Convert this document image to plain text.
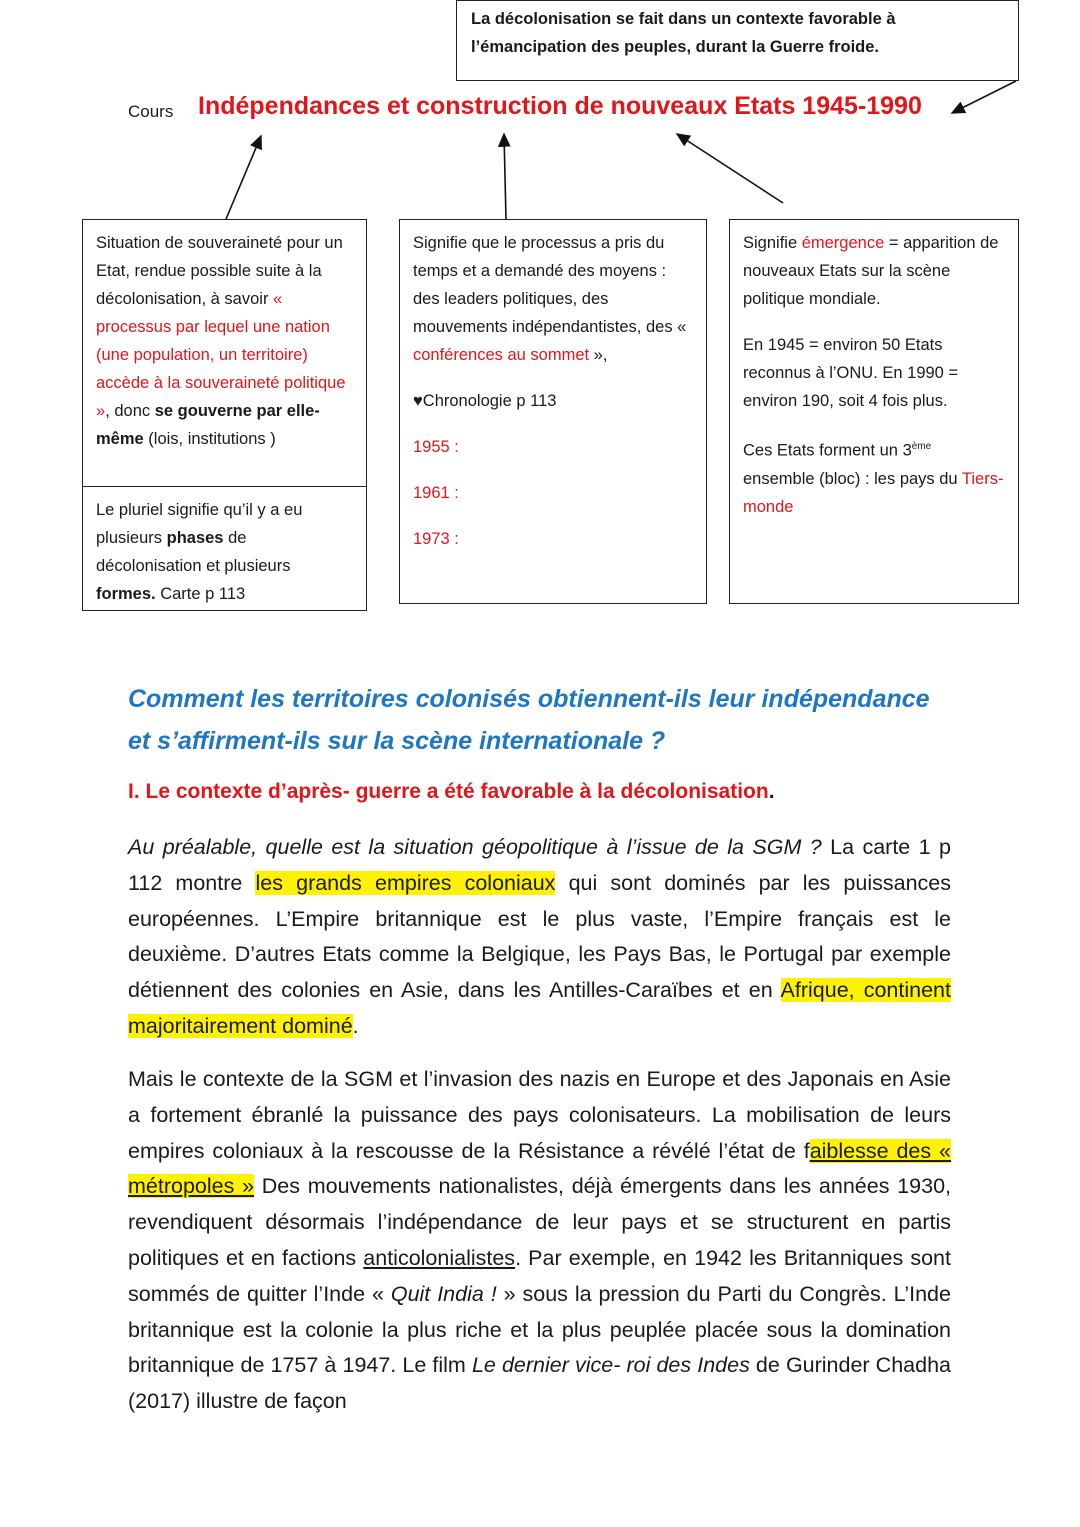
La décolonisation se fait dans un contexte favorable à
l’émancipation des peuples, durant la Guerre froide.
Cours Indépendances et construction de nouveaux Etats 1945-1990
Situation de souveraineté pour un Etat, rendue possible suite à la décolonisation, à savoir « processus par lequel une nation (une population, un territoire) accède à la souveraineté politique », donc se gouverne par elle-même (lois, institutions )
Le pluriel signifie qu’il y a eu plusieurs phases de décolonisation et plusieurs formes. Carte p 113
Signifie que le processus a pris du temps et a demandé des moyens : des leaders politiques, des mouvements indépendantistes, des « conférences au sommet »,
♥Chronologie p 113
1955 :
1961 :
1973 :
Signifie émergence = apparition de nouveaux Etats sur la scène politique mondiale.
En 1945 = environ 50 Etats reconnus à l’ONU. En 1990 = environ 190, soit 4 fois plus.
Ces Etats forment un 3ème ensemble (bloc) : les pays du Tiers-monde
Comment les territoires colonisés obtiennent-ils leur indépendance
et s’affirment-ils sur la scène internationale ?
I. Le contexte d’après- guerre a été favorable à la décolonisation.
Au préalable, quelle est la situation géopolitique à l’issue de la SGM ? La carte 1 p 112 montre les grands empires coloniaux qui sont dominés par les puissances européennes. L’Empire britannique est le plus vaste, l’Empire français est le deuxième. D’autres Etats comme la Belgique, les Pays Bas, le Portugal par exemple détiennent des colonies en Asie, dans les Antilles-Caraïbes et en Afrique, continent majoritairement dominé.
Mais le contexte de la SGM et l’invasion des nazis en Europe et des Japonais en Asie a fortement ébranlé la puissance des pays colonisateurs. La mobilisation de leurs empires coloniaux à la rescousse de la Résistance a révélé l’état de faiblesse des « métropoles » Des mouvements nationalistes, déjà émergents dans les années 1930, revendiquent désormais l’indépendance de leur pays et se structurent en partis politiques et en factions anticolonialistes. Par exemple, en 1942 les Britanniques sont sommés de quitter l’Inde « Quit India ! » sous la pression du Parti du Congrès. L’Inde britannique est la colonie la plus riche et la plus peuplée placée sous la domination britannique de 1757 à 1947. Le film Le dernier vice- roi des Indes de Gurinder Chadha (2017) illustre de façon
